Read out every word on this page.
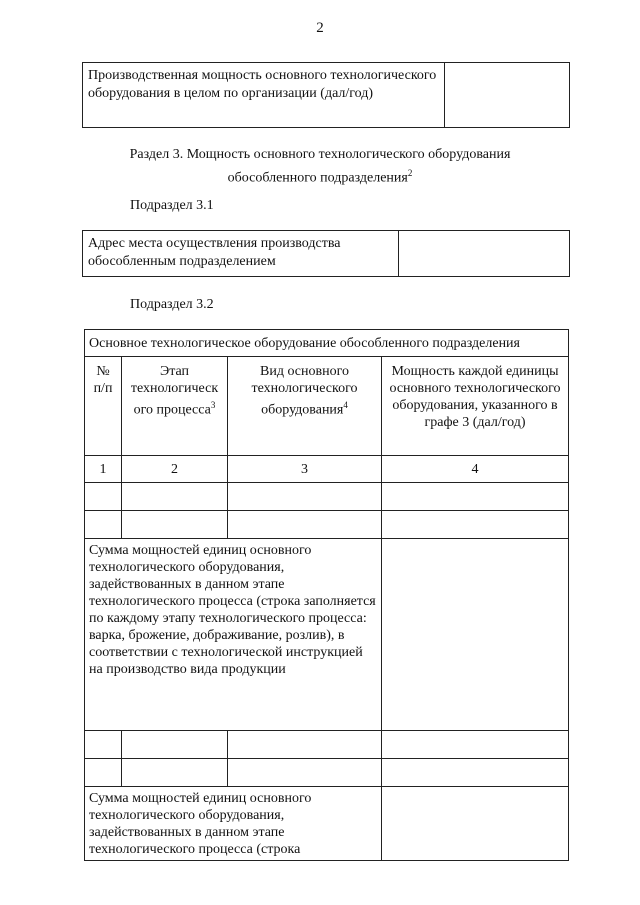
2
Производственная мощность основного технологического оборудования в целом по организации (дал/год)
Раздел 3. Мощность основного технологического оборудования
обособленного подразделения$^2$
Подраздел 3.1
Адрес места осуществления производства обособленным подразделением
Подраздел 3.2
Основное технологическое оборудование обособленного подразделения			
№ п/п	Этап технологическ ого процесса$^3$	Вид основного технологического оборудования$^4$	Мощность каждой единицы основного технологического оборудования, указанного в графе 3 (дал/год)
1	2	3	4

Сумма мощностей единиц основного технологического оборудования, задействованных в данном этапе технологического процесса (строка заполняется по каждому этапу технологического процесса: варка, брожение, дображивание, розлив), в соответствии с технологической инструкцией на производство вида продукции			

Сумма мощностей единиц основного технологического оборудования, задействованных в данном этапе технологического процесса (строка			
